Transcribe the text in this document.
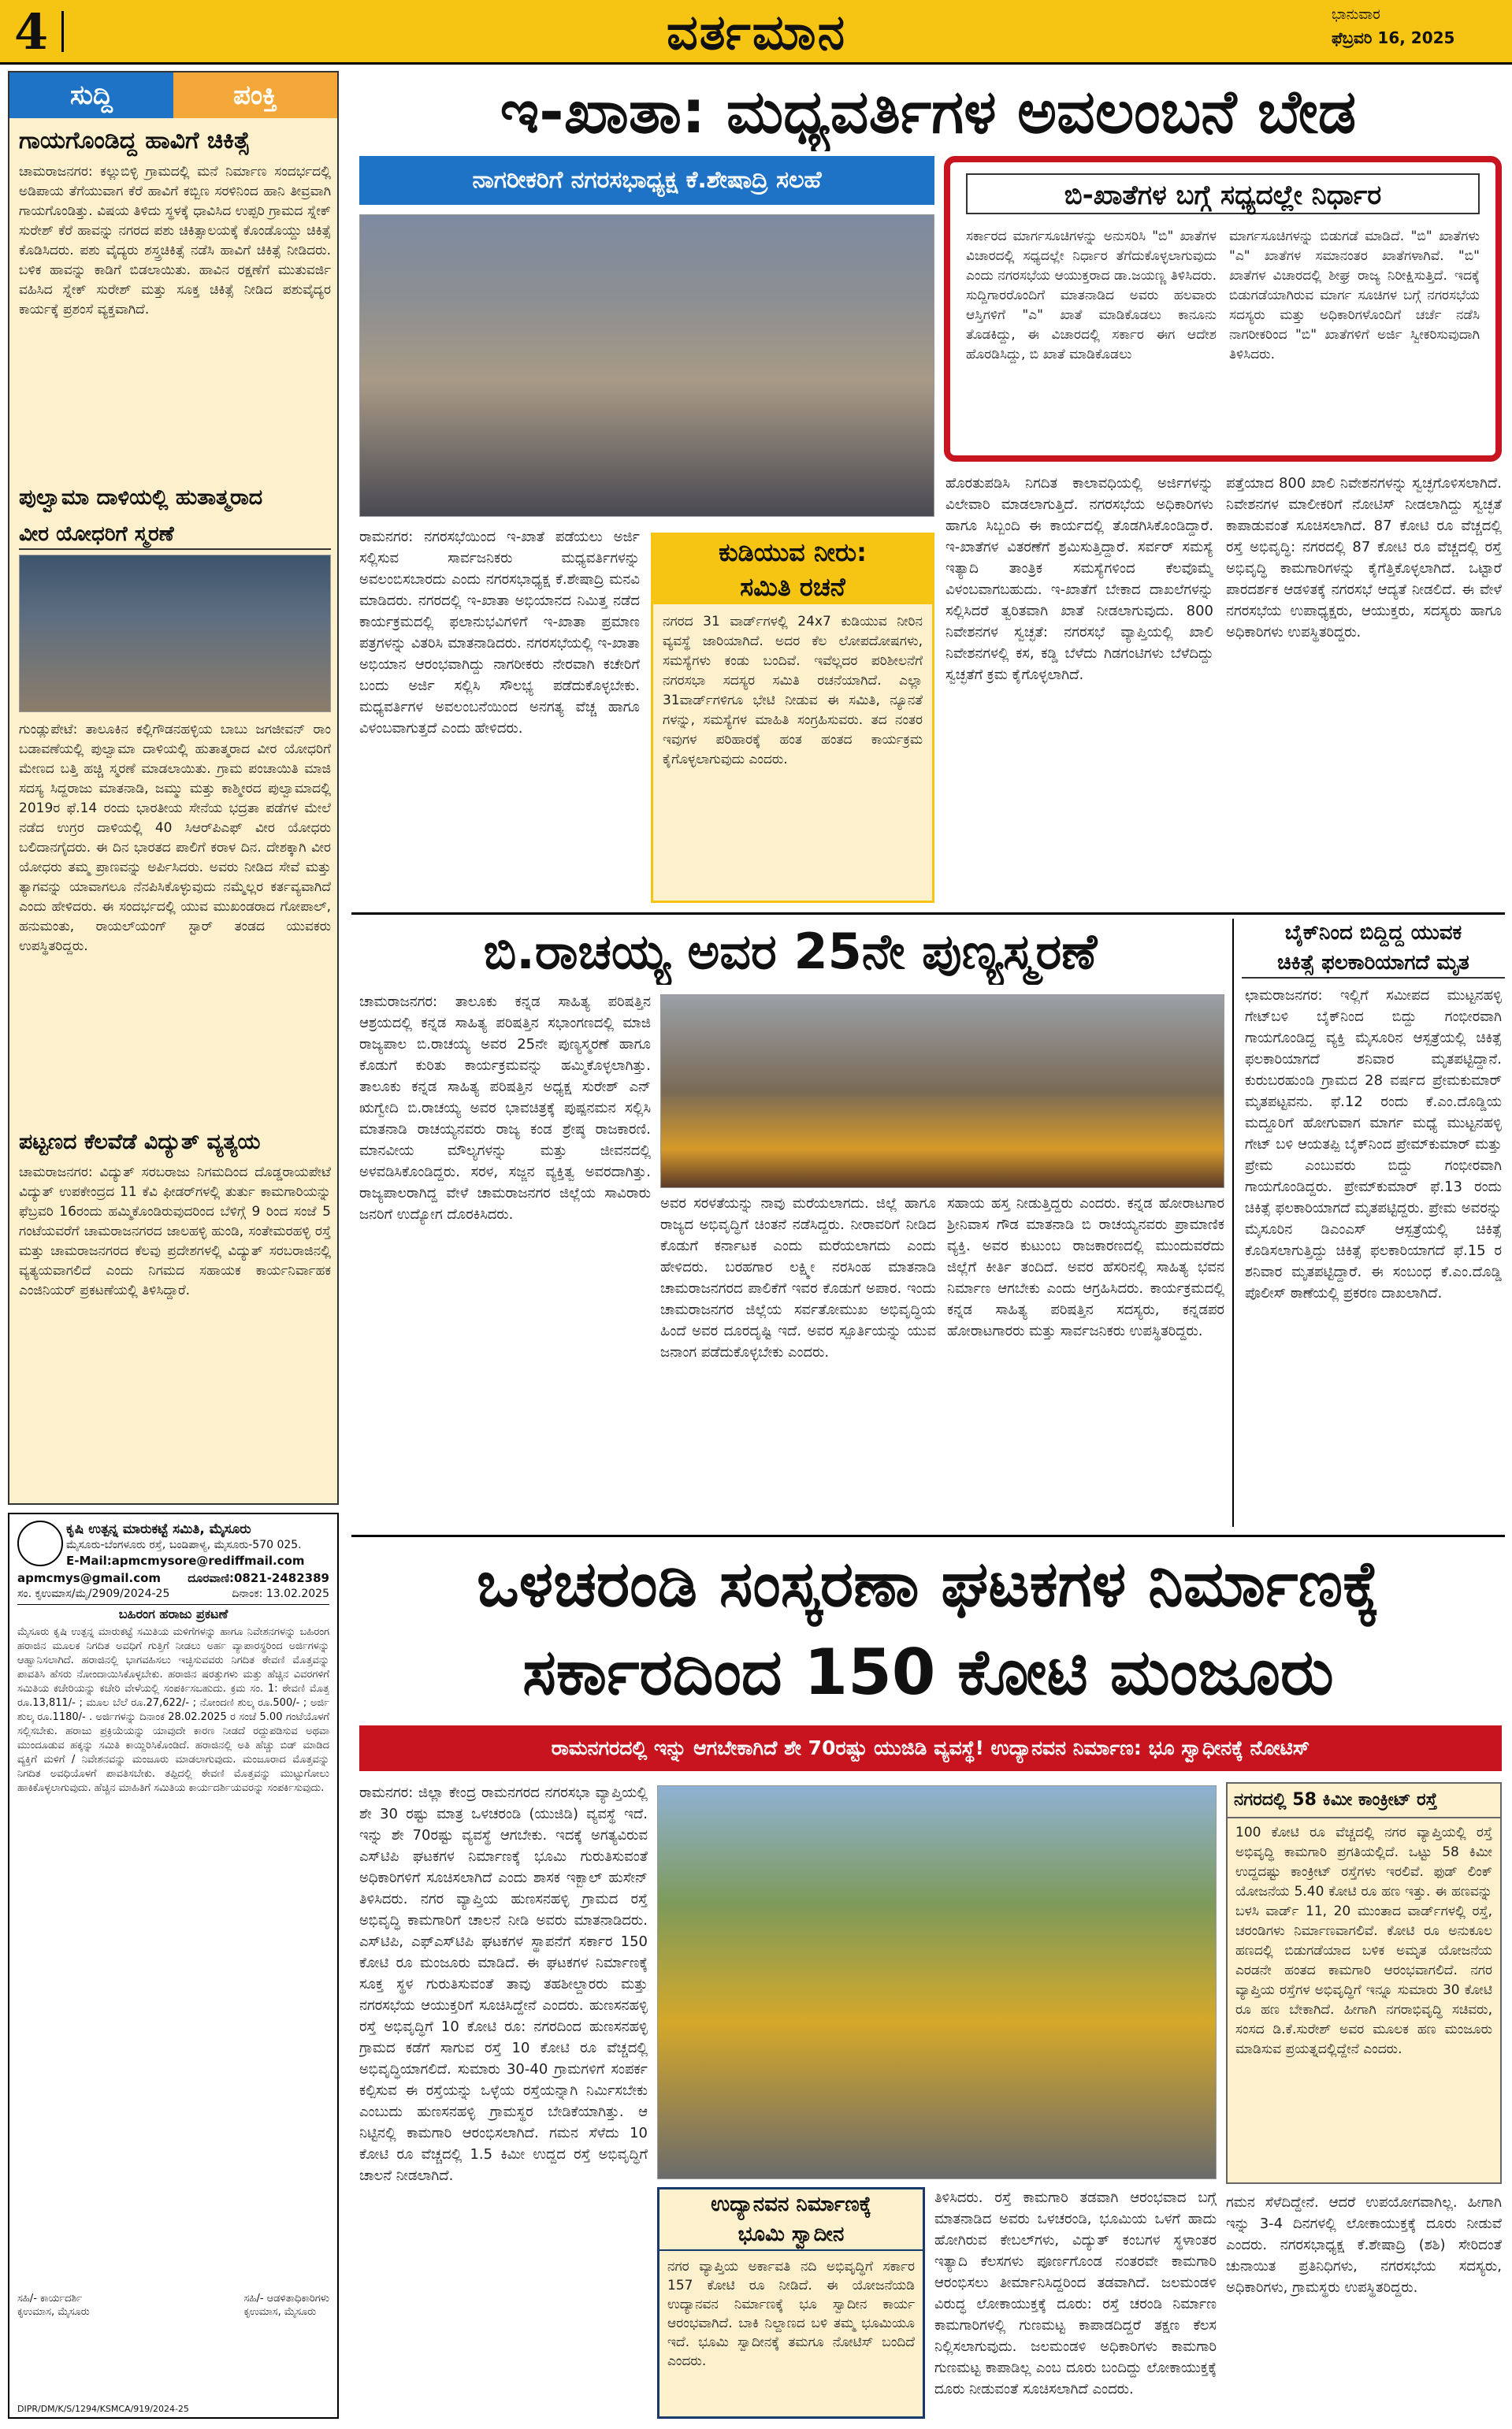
4	ವರ್ತಮಾನ	ಭಾನುವಾರ
ಫೆಬ್ರವರಿ 16, 2025
ಸುದ್ದಿ	ಪಂಕ್ತಿ
ಗಾಯಗೊಂಡಿದ್ದ ಹಾವಿಗೆ ಚಿಕಿತ್ಸೆ

ಚಾಮರಾಜನಗರ: ಕಲ್ಲುಬಿಳ್ಳಿ ಗ್ರಾಮದಲ್ಲಿ ಮನೆ ನಿರ್ಮಾಣ ಸಂದರ್ಭದಲ್ಲಿ ಅಡಿಪಾಯ ತೆಗೆಯುವಾಗ ಕೆರೆ ಹಾವಿಗೆ ಕಬ್ಬಿಣ ಸರಳಿನಿಂದ ಹಾನಿ ತೀವ್ರವಾಗಿ ಗಾಯಗೊಂಡಿತ್ತು. ವಿಷಯ ತಿಳಿದು ಸ್ಥಳಕ್ಕೆ ಧಾವಿಸಿದ ಉಪ್ಪರಿ ಗ್ರಾಮದ ಸ್ನೇಕ್ ಸುರೇಶ್ ಕೆರೆ ಹಾವನ್ನು ನಗರದ ಪಶು ಚಿಕಿತ್ಸಾಲಯಕ್ಕೆ ಕೊಂಡೊಯ್ದು ಚಿಕಿತ್ಸೆ ಕೊಡಿಸಿದರು. ಪಶು ವೈದ್ಯರು ಶಸ್ತ್ರಚಿಕಿತ್ಸೆ ನಡೆಸಿ ಹಾವಿಗೆ ಚಿಕಿತ್ಸೆ ನೀಡಿದರು. ಬಳಿಕ ಹಾವನ್ನು ಕಾಡಿಗೆ ಬಿಡಲಾಯಿತು. ಹಾವಿನ ರಕ್ಷಣೆಗೆ ಮುತುವರ್ಜಿ ವಹಿಸಿದ ಸ್ನೇಕ್ ಸುರೇಶ್ ಮತ್ತು ಸೂಕ್ತ ಚಿಕಿತ್ಸೆ ನೀಡಿದ ಪಶುವೈದ್ಯರ ಕಾರ್ಯಕ್ಕೆ ಪ್ರಶಂಸೆ ವ್ಯಕ್ತವಾಗಿದೆ.

ಪುಲ್ವಾಮಾ ದಾಳಿಯಲ್ಲಿ ಹುತಾತ್ಮರಾದ
ವೀರ ಯೋಧರಿಗೆ ಸ್ಮರಣೆ

ಗುಂಡ್ಲುಪೇಟೆ: ತಾಲೂಕಿನ ಕಲ್ಲಿಗೌಡನಹಳ್ಳಿಯ ಬಾಬು ಜಗಜೀವನ್ ರಾಂ ಬಡಾವಣೆಯಲ್ಲಿ ಪುಲ್ವಾಮಾ ದಾಳಿಯಲ್ಲಿ ಹುತಾತ್ಮರಾದ ವೀರ ಯೋಧರಿಗೆ ಮೇಣದ ಬತ್ತಿ ಹಚ್ಚಿ ಸ್ಮರಣೆ ಮಾಡಲಾಯಿತು. ಗ್ರಾಮ ಪಂಚಾಯಿತಿ ಮಾಜಿ ಸದಸ್ಯ ಸಿದ್ದರಾಜು ಮಾತನಾಡಿ, ಜಮ್ಮು ಮತ್ತು ಕಾಶ್ಮೀರದ ಪುಲ್ವಾಮಾದಲ್ಲಿ 2019ರ ಫೆ.14 ರಂದು ಭಾರತೀಯ ಸೇನೆಯ ಭದ್ರತಾ ಪಡೆಗಳ ಮೇಲೆ ನಡೆದ ಉಗ್ರರ ದಾಳಿಯಲ್ಲಿ 40 ಸಿಆರ್‌ಪಿಎಫ್ ವೀರ ಯೋಧರು ಬಲಿದಾನಗೈದರು. ಈ ದಿನ ಭಾರತದ ಪಾಲಿಗೆ ಕರಾಳ ದಿನ. ದೇಶಕ್ಕಾಗಿ ವೀರ ಯೋಧರು ತಮ್ಮ ಪ್ರಾಣವನ್ನು ಅರ್ಪಿಸಿದರು. ಅವರು ನೀಡಿದ ಸೇವೆ ಮತ್ತು ತ್ಯಾಗವನ್ನು ಯಾವಾಗಲೂ ನೆನಪಿಸಿಕೊಳ್ಳುವುದು ನಮ್ಮೆಲ್ಲರ ಕರ್ತವ್ಯವಾಗಿದೆ ಎಂದು ಹೇಳಿದರು. ಈ ಸಂದರ್ಭದಲ್ಲಿ ಯುವ ಮುಖಂಡರಾದ ಗೋಪಾಲ್, ಹನುಮಂತು, ರಾಯಲ್‌ಯಂಗ್ ಸ್ಟಾರ್ ತಂಡದ ಯುವಕರು ಉಪಸ್ಥಿತರಿದ್ದರು.

ಪಟ್ಟಣದ ಕೆಲವೆಡೆ ವಿದ್ಯುತ್ ವ್ಯತ್ಯಯ

ಚಾಮರಾಜನಗರ: ವಿದ್ಯುತ್ ಸರಬರಾಜು ನಿಗಮದಿಂದ ದೊಡ್ಡರಾಯಪೇಟೆ ವಿದ್ಯುತ್ ಉಪಕೇಂದ್ರದ 11 ಕೆವಿ ಫೀಡರ್‌ಗಳಲ್ಲಿ ತುರ್ತು ಕಾಮಗಾರಿಯನ್ನು ಫೆಬ್ರವರಿ 16ರಂದು ಹಮ್ಮಿಕೊಂಡಿರುವುದರಿಂದ ಬೆಳಿಗ್ಗೆ 9 ರಿಂದ ಸಂಜೆ 5 ಗಂಟೆಯವರೆಗೆ ಚಾಮರಾಜನಗರದ ಜಾಲಹಳ್ಳಿ ಹುಂಡಿ, ಸಂತೇಮರಹಳ್ಳಿ ರಸ್ತೆ ಮತ್ತು ಚಾಮರಾಜನಗರದ ಕೆಲವು ಪ್ರದೇಶಗಳಲ್ಲಿ ವಿದ್ಯುತ್ ಸರಬರಾಜಿನಲ್ಲಿ ವ್ಯತ್ಯಯವಾಗಲಿದೆ ಎಂದು ನಿಗಮದ ಸಹಾಯಕ ಕಾರ್ಯನಿರ್ವಾಹಕ ಎಂಜಿನಿಯರ್ ಪ್ರಕಟಣೆಯಲ್ಲಿ ತಿಳಿಸಿದ್ದಾರೆ.

ಕೃಷಿ ಉತ್ಪನ್ನ ಮಾರುಕಟ್ಟೆ ಸಮಿತಿ, ಮೈಸೂರು
ಮೈಸೂರು-ಬೆಂಗಳೂರು ರಸ್ತೆ, ಬಂಡಿಪಾಳ್ಯ, ಮೈಸೂರು-570 025.
E-Mail:apmcmysore@rediffmail.com
apmcmys@gmail.com ದೂರವಾಣಿ:0821-2482389
ಸಂ. ಕೃಉಮಾಸ/ಮೈ/2909/2024-25	ದಿನಾಂಕ: 13.02.2025
ಬಹಿರಂಗ ಹರಾಜು ಪ್ರಕಟಣೆ

ಮೈಸೂರು ಕೃಷಿ ಉತ್ಪನ್ನ ಮಾರುಕಟ್ಟೆ ಸಮಿತಿಯ ಮಳಿಗೆಗಳನ್ನು ಹಾಗೂ ನಿವೇಶನಗಳನ್ನು ಬಹಿರಂಗ ಹರಾಜಿನ ಮೂಲಕ ನಿಗದಿತ ಅವಧಿಗೆ ಗುತ್ತಿಗೆ ನೀಡಲು ಅರ್ಹ ವ್ಯಾಪಾರಸ್ಥರಿಂದ ಅರ್ಜಿಗಳನ್ನು ಆಹ್ವಾನಿಸಲಾಗಿದೆ. ಹರಾಜಿನಲ್ಲಿ ಭಾಗವಹಿಸಲು ಇಚ್ಛಿಸುವವರು ನಿಗದಿತ ಠೇವಣಿ ಮೊತ್ತವನ್ನು ಪಾವತಿಸಿ ಹೆಸರು ನೋಂದಾಯಿಸಿಕೊಳ್ಳಬೇಕು. ಹರಾಜಿನ ಷರತ್ತುಗಳು ಮತ್ತು ಹೆಚ್ಚಿನ ವಿವರಗಳಿಗೆ ಸಮಿತಿಯ ಕಚೇರಿಯನ್ನು ಕಚೇರಿ ವೇಳೆಯಲ್ಲಿ ಸಂಪರ್ಕಿಸಬಹುದು. ಕ್ರಮ ಸಂ. 1: ಠೇವಣಿ ಮೊತ್ತ ರೂ.13,811/- ; ಮೂಲ ಬೆಲೆ ರೂ.27,622/- ; ನೋಂದಣಿ ಶುಲ್ಕ ರೂ.500/- ; ಅರ್ಜಿ ಶುಲ್ಕ ರೂ.1180/- . ಅರ್ಜಿಗಳನ್ನು ದಿನಾಂಕ 28.02.2025 ರ ಸಂಜೆ 5.00 ಗಂಟೆಯೊಳಗೆ ಸಲ್ಲಿಸಬೇಕು. ಹರಾಜು ಪ್ರಕ್ರಿಯೆಯನ್ನು ಯಾವುದೇ ಕಾರಣ ನೀಡದೆ ರದ್ದುಪಡಿಸುವ ಅಥವಾ ಮುಂದೂಡುವ ಹಕ್ಕನ್ನು ಸಮಿತಿ ಕಾಯ್ದಿರಿಸಿಕೊಂಡಿದೆ. ಹರಾಜಿನಲ್ಲಿ ಅತಿ ಹೆಚ್ಚು ಬಿಡ್ ಮಾಡಿದ ವ್ಯಕ್ತಿಗೆ ಮಳಿಗೆ / ನಿವೇಶನವನ್ನು ಮಂಜೂರು ಮಾಡಲಾಗುವುದು. ಮಂಜೂರಾದ ಮೊತ್ತವನ್ನು ನಿಗದಿತ ಅವಧಿಯೊಳಗೆ ಪಾವತಿಸಬೇಕು. ತಪ್ಪಿದಲ್ಲಿ ಠೇವಣಿ ಮೊತ್ತವನ್ನು ಮುಟ್ಟುಗೋಲು ಹಾಕಿಕೊಳ್ಳಲಾಗುವುದು. ಹೆಚ್ಚಿನ ಮಾಹಿತಿಗೆ ಸಮಿತಿಯ ಕಾರ್ಯದರ್ಶಿಯವರನ್ನು ಸಂಪರ್ಕಿಸುವುದು.

ಸಹಿ/- ಕಾರ್ಯದರ್ಶಿ
ಕೃಉಮಾಸ, ಮೈಸೂರು
ಸಹಿ/- ಆಡಳಿತಾಧಿಕಾರಿಗಳು
ಕೃಉಮಾಸ, ಮೈಸೂರು
DIPR/DM/K/S/1294/KSMCA/919/2024-25
ಇ-ಖಾತಾ: ಮಧ್ಯವರ್ತಿಗಳ ಅವಲಂಬನೆ ಬೇಡ
ನಾಗರೀಕರಿಗೆ ನಗರಸಭಾಧ್ಯಕ್ಷ ಕೆ.ಶೇಷಾದ್ರಿ ಸಲಹೆ	ಬಿ-ಖಾತೆಗಳ ಬಗ್ಗೆ ಸಧ್ಯದಲ್ಲೇ ನಿರ್ಧಾರ

ಸರ್ಕಾರದ ಮಾರ್ಗಸೂಚಿಗಳನ್ನು ಅನುಸರಿಸಿ "ಬಿ" ಖಾತೆಗಳ ವಿಚಾರದಲ್ಲಿ ಸಧ್ಯದಲ್ಲೇ ನಿರ್ಧಾರ ತೆಗೆದುಕೊಳ್ಳಲಾಗುವುದು ಎಂದು ನಗರಸಭೆಯ ಆಯುಕ್ತರಾದ ಡಾ.ಜಯಣ್ಣ ತಿಳಿಸಿದರು. ಸುದ್ದಿಗಾರರೊಂದಿಗೆ ಮಾತನಾಡಿದ ಅವರು ಹಲವಾರು ಆಸ್ತಿಗಳಿಗೆ "ಎ" ಖಾತೆ ಮಾಡಿಕೊಡಲು ಕಾನೂನು ತೊಡಕಿದ್ದು, ಈ ವಿಚಾರದಲ್ಲಿ ಸರ್ಕಾರ ಈಗ ಆದೇಶ ಹೊರಡಿಸಿದ್ದು, ಬಿ ಖಾತೆ ಮಾಡಿಕೊಡಲು

ಮಾರ್ಗಸೂಚಿಗಳನ್ನು ಬಿಡುಗಡೆ ಮಾಡಿದೆ. "ಬಿ" ಖಾತೆಗಳು "ಎ" ಖಾತೆಗಳ ಸಮಾನಂತರ ಖಾತೆಗಳಾಗಿವೆ. "ಬಿ" ಖಾತೆಗಳ ವಿಚಾರದಲ್ಲಿ ಶೀಘ್ರ ರಾಜ್ಯ ನಿರೀಕ್ಷಿಸುತ್ತಿದೆ. ಇದಕ್ಕೆ ಬಿಡುಗಡೆಯಾಗಿರುವ ಮಾರ್ಗ ಸೂಚಿಗಳ ಬಗ್ಗೆ ನಗರಸಭೆಯ ಸದಸ್ಯರು ಮತ್ತು ಅಧಿಕಾರಿಗಳೊಂದಿಗೆ ಚರ್ಚೆ ನಡೆಸಿ ನಾಗರೀಕರಿಂದ "ಬಿ" ಖಾತೆಗಳಿಗೆ ಅರ್ಜಿ ಸ್ವೀಕರಿಸುವುದಾಗಿ ತಿಳಿಸಿದರು.

ರಾಮನಗರ: ನಗರಸಭೆಯಿಂದ ಇ-ಖಾತೆ ಪಡೆಯಲು ಅರ್ಜಿ ಸಲ್ಲಿಸುವ ಸಾರ್ವಜನಿಕರು ಮಧ್ಯವರ್ತಿಗಳನ್ನು ಅವಲಂಬಿಸಬಾರದು ಎಂದು ನಗರಸಭಾಧ್ಯಕ್ಷ ಕೆ.ಶೇಷಾದ್ರಿ ಮನವಿ ಮಾಡಿದರು. ನಗರದಲ್ಲಿ ಇ-ಖಾತಾ ಅಭಿಯಾನದ ನಿಮಿತ್ತ ನಡೆದ ಕಾರ್ಯಕ್ರಮದಲ್ಲಿ ಫಲಾನುಭವಿಗಳಿಗೆ ಇ-ಖಾತಾ ಪ್ರಮಾಣ ಪತ್ರಗಳನ್ನು ವಿತರಿಸಿ ಮಾತನಾಡಿದರು. ನಗರಸಭೆಯಲ್ಲಿ ಇ-ಖಾತಾ ಅಭಿಯಾನ ಆರಂಭವಾಗಿದ್ದು ನಾಗರೀಕರು ನೇರವಾಗಿ ಕಚೇರಿಗೆ ಬಂದು ಅರ್ಜಿ ಸಲ್ಲಿಸಿ ಸೌಲಭ್ಯ ಪಡೆದುಕೊಳ್ಳಬೇಕು. ಮಧ್ಯವರ್ತಿಗಳ ಅವಲಂಬನೆಯಿಂದ ಅನಗತ್ಯ ವೆಚ್ಚ ಹಾಗೂ ವಿಳಂಬವಾಗುತ್ತದೆ ಎಂದು ಹೇಳಿದರು.

ಕುಡಿಯುವ ನೀರು:
ಸಮಿತಿ ರಚನೆ

ನಗರದ 31 ವಾರ್ಡ್‌ಗಳಲ್ಲಿ 24x7 ಕುಡಿಯುವ ನೀರಿನ ವ್ಯವಸ್ಥೆ ಜಾರಿಯಾಗಿದೆ. ಅದರ ಕೆಲ ಲೋಪದೋಷಗಳು, ಸಮಸ್ಯೆಗಳು ಕಂಡು ಬಂದಿವೆ. ಇವೆಲ್ಲದರ ಪರಿಶೀಲನೆಗೆ ನಗರಸಭಾ ಸದಸ್ಯರ ಸಮಿತಿ ರಚನೆಯಾಗಿದೆ. ಎಲ್ಲಾ 31ವಾರ್ಡ್‌ಗಳಿಗೂ ಭೇಟಿ ನೀಡುವ ಈ ಸಮಿತಿ, ನ್ಯೂನತೆ ಗಳನ್ನು, ಸಮಸ್ಯೆಗಳ ಮಾಹಿತಿ ಸಂಗ್ರಹಿಸುವರು. ತದ ನಂತರ ಇವುಗಳ ಪರಿಹಾರಕ್ಕೆ ಹಂತ ಹಂತದ ಕಾರ್ಯಕ್ರಮ ಕೈಗೊಳ್ಳಲಾಗುವುದು ಎಂದರು.

ಹೊರತುಪಡಿಸಿ ನಿಗದಿತ ಕಾಲಾವಧಿಯಲ್ಲಿ ಅರ್ಜಿಗಳನ್ನು ವಿಲೇವಾರಿ ಮಾಡಲಾಗುತ್ತಿದೆ. ನಗರಸಭೆಯ ಅಧಿಕಾರಿಗಳು ಹಾಗೂ ಸಿಬ್ಬಂದಿ ಈ ಕಾರ್ಯದಲ್ಲಿ ತೊಡಗಿಸಿಕೊಂಡಿದ್ದಾರೆ. ಇ-ಖಾತೆಗಳ ವಿತರಣೆಗೆ ಶ್ರಮಿಸುತ್ತಿದ್ದಾರೆ. ಸರ್ವರ್ ಸಮಸ್ಯೆ ಇತ್ಯಾದಿ ತಾಂತ್ರಿಕ ಸಮಸ್ಯೆಗಳಿಂದ ಕೆಲವೊಮ್ಮೆ ವಿಳಂಬವಾಗಬಹುದು. ಇ-ಖಾತೆಗೆ ಬೇಕಾದ ದಾಖಲೆಗಳನ್ನು ಸಲ್ಲಿಸಿದರೆ ತ್ವರಿತವಾಗಿ ಖಾತೆ ನೀಡಲಾಗುವುದು. 800 ನಿವೇಶನಗಳ ಸ್ವಚ್ಛತೆ: ನಗರಸಭೆ ವ್ಯಾಪ್ತಿಯಲ್ಲಿ ಖಾಲಿ ನಿವೇಶನಗಳಲ್ಲಿ ಕಸ, ಕಡ್ಡಿ ಬೆಳೆದು ಗಿಡಗಂಟಿಗಳು ಬೆಳೆದಿದ್ದು ಸ್ವಚ್ಛತೆಗೆ ಕ್ರಮ ಕೈಗೊಳ್ಳಲಾಗಿದೆ.

ಪತ್ತೆಯಾದ 800 ಖಾಲಿ ನಿವೇಶನಗಳನ್ನು ಸ್ವಚ್ಛಗೊಳಿಸಲಾಗಿದೆ. ನಿವೇಶನಗಳ ಮಾಲೀಕರಿಗೆ ನೋಟಿಸ್ ನೀಡಲಾಗಿದ್ದು ಸ್ವಚ್ಛತೆ ಕಾಪಾಡುವಂತೆ ಸೂಚಿಸಲಾಗಿದೆ. 87 ಕೋಟಿ ರೂ ವೆಚ್ಚದಲ್ಲಿ ರಸ್ತೆ ಅಭಿವೃದ್ಧಿ: ನಗರದಲ್ಲಿ 87 ಕೋಟಿ ರೂ ವೆಚ್ಚದಲ್ಲಿ ರಸ್ತೆ ಅಭಿವೃದ್ಧಿ ಕಾಮಗಾರಿಗಳನ್ನು ಕೈಗೆತ್ತಿಕೊಳ್ಳಲಾಗಿದೆ. ಒಟ್ಟಾರೆ ಪಾರದರ್ಶಕ ಆಡಳಿತಕ್ಕೆ ನಗರಸಭೆ ಆದ್ಯತೆ ನೀಡಲಿದೆ. ಈ ವೇಳೆ ನಗರಸಭೆಯ ಉಪಾಧ್ಯಕ್ಷರು, ಆಯುಕ್ತರು, ಸದಸ್ಯರು ಹಾಗೂ ಅಧಿಕಾರಿಗಳು ಉಪಸ್ಥಿತರಿದ್ದರು.

ಬಿ.ರಾಚಯ್ಯ ಅವರ 25ನೇ ಪುಣ್ಯಸ್ಮರಣೆ

ಚಾಮರಾಜನಗರ: ತಾಲೂಕು ಕನ್ನಡ ಸಾಹಿತ್ಯ ಪರಿಷತ್ತಿನ ಆಶ್ರಯದಲ್ಲಿ ಕನ್ನಡ ಸಾಹಿತ್ಯ ಪರಿಷತ್ತಿನ ಸಭಾಂಗಣದಲ್ಲಿ ಮಾಜಿ ರಾಜ್ಯಪಾಲ ಬಿ.ರಾಚಯ್ಯ ಅವರ 25ನೇ ಪುಣ್ಯಸ್ಮರಣೆ ಹಾಗೂ ಕೊಡುಗೆ ಕುರಿತು ಕಾರ್ಯಕ್ರಮವನ್ನು ಹಮ್ಮಿಕೊಳ್ಳಲಾಗಿತ್ತು. ತಾಲೂಕು ಕನ್ನಡ ಸಾಹಿತ್ಯ ಪರಿಷತ್ತಿನ ಅಧ್ಯಕ್ಷ ಸುರೇಶ್ ಎನ್ ಋಗ್ವೇದಿ ಬಿ.ರಾಚಯ್ಯ ಅವರ ಭಾವಚಿತ್ರಕ್ಕೆ ಪುಷ್ಪನಮನ ಸಲ್ಲಿಸಿ ಮಾತನಾಡಿ ರಾಚಯ್ಯನವರು ರಾಜ್ಯ ಕಂಡ ಶ್ರೇಷ್ಠ ರಾಜಕಾರಣಿ. ಮಾನವೀಯ ಮೌಲ್ಯಗಳನ್ನು ಮತ್ತು ಜೀವನದಲ್ಲಿ ಅಳವಡಿಸಿಕೊಂಡಿದ್ದರು. ಸರಳ, ಸಜ್ಜನ ವ್ಯಕ್ತಿತ್ವ ಅವರದಾಗಿತ್ತು. ರಾಜ್ಯಪಾಲರಾಗಿದ್ದ ವೇಳೆ ಚಾಮರಾಜನಗರ ಜಿಲ್ಲೆಯ ಸಾವಿರಾರು ಜನರಿಗೆ ಉದ್ಯೋಗ ದೊರಕಿಸಿದರು.

ಅವರ ಸರಳತೆಯನ್ನು ನಾವು ಮರೆಯಲಾಗದು. ಜಿಲ್ಲೆ ಹಾಗೂ ರಾಜ್ಯದ ಅಭಿವೃದ್ಧಿಗೆ ಚಿಂತನೆ ನಡೆಸಿದ್ದರು. ನೀರಾವರಿಗೆ ನೀಡಿದ ಕೊಡುಗೆ ಕರ್ನಾಟಕ ಎಂದು ಮರೆಯಲಾಗದು ಎಂದು ಹೇಳಿದರು. ಬರಹಗಾರ ಲಕ್ಷ್ಮೀ ನರಸಿಂಹ ಮಾತನಾಡಿ ಚಾಮರಾಜನಗರದ ಪಾಲಿಕೆಗೆ ಇವರ ಕೊಡುಗೆ ಅಪಾರ. ಇಂದು ಚಾಮರಾಜನಗರ ಜಿಲ್ಲೆಯ ಸರ್ವತೋಮುಖ ಅಭಿವೃದ್ಧಿಯ ಹಿಂದೆ ಅವರ ದೂರದೃಷ್ಟಿ ಇದೆ. ಅವರ ಸ್ಪೂರ್ತಿಯನ್ನು ಯುವ ಜನಾಂಗ ಪಡೆದುಕೊಳ್ಳಬೇಕು ಎಂದರು.

ಸಹಾಯ ಹಸ್ತ ನೀಡುತ್ತಿದ್ದರು ಎಂದರು. ಕನ್ನಡ ಹೋರಾಟಗಾರ ಶ್ರೀನಿವಾಸ ಗೌಡ ಮಾತನಾಡಿ ಬಿ ರಾಚಯ್ಯನವರು ಪ್ರಾಮಾಣಿಕ ವ್ಯಕ್ತಿ. ಅವರ ಕುಟುಂಬ ರಾಜಕಾರಣದಲ್ಲಿ ಮುಂದುವರೆದು ಜಿಲ್ಲೆಗೆ ಕೀರ್ತಿ ತಂದಿದೆ. ಅವರ ಹೆಸರಿನಲ್ಲಿ ಸಾಹಿತ್ಯ ಭವನ ನಿರ್ಮಾಣ ಆಗಬೇಕು ಎಂದು ಆಗ್ರಹಿಸಿದರು. ಕಾರ್ಯಕ್ರಮದಲ್ಲಿ ಕನ್ನಡ ಸಾಹಿತ್ಯ ಪರಿಷತ್ತಿನ ಸದಸ್ಯರು, ಕನ್ನಡಪರ ಹೋರಾಟಗಾರರು ಮತ್ತು ಸಾರ್ವಜನಿಕರು ಉಪಸ್ಥಿತರಿದ್ದರು.

ಬೈಕ್‌ನಿಂದ ಬಿದ್ದಿದ್ದ ಯುವಕ
ಚಿಕಿತ್ಸೆ ಫಲಕಾರಿಯಾಗದೆ ಮೃತ

ಛಾಮರಾಜನಗರ: ಇಲ್ಲಿಗೆ ಸಮೀಪದ ಮುಟ್ಟನಹಳ್ಳಿ ಗೇಟ್‌ಬಳಿ ಬೈಕ್‌ನಿಂದ ಬಿದ್ದು ಗಂಭೀರವಾಗಿ ಗಾಯಗೊಂಡಿದ್ದ ವ್ಯಕ್ತಿ ಮೈಸೂರಿನ ಆಸ್ಪತ್ರೆಯಲ್ಲಿ ಚಿಕಿತ್ಸೆ ಫಲಕಾರಿಯಾಗದೆ ಶನಿವಾರ ಮೃತಪಟ್ಟಿದ್ದಾನೆ. ಕುರುಬರಹುಂಡಿ ಗ್ರಾಮದ 28 ವರ್ಷದ ಪ್ರೇಮಕುಮಾರ್ ಮೃತಪಟ್ಟವನು. ಫೆ.12 ರಂದು ಕೆ.ಎಂ.ದೊಡ್ಡಿಯ ಮದ್ದೂರಿಗೆ ಹೋಗುವಾಗ ಮಾರ್ಗ ಮಧ್ಯೆ ಮುಟ್ಟನಹಳ್ಳಿ ಗೇಟ್ ಬಳಿ ಆಯತಪ್ಪಿ ಬೈಕ್‌ನಿಂದ ಪ್ರೇಮ್‌ಕುಮಾರ್ ಮತ್ತು ಪ್ರೇಮ ಎಂಬುವರು ಬಿದ್ದು ಗಂಭೀರವಾಗಿ ಗಾಯಗೊಂಡಿದ್ದರು. ಪ್ರೇಮ್‌ಕುಮಾರ್ ಫೆ.13 ರಂದು ಚಿಕಿತ್ಸೆ ಫಲಕಾರಿಯಾಗದೆ ಮೃತಪಟ್ಟಿದ್ದರು. ಪ್ರೇಮ ಅವರನ್ನು ಮೈಸೂರಿನ ಡಿಎಂಎಸ್ ಆಸ್ಪತ್ರೆಯಲ್ಲಿ ಚಿಕಿತ್ಸೆ ಕೊಡಿಸಲಾಗುತ್ತಿದ್ದು ಚಿಕಿತ್ಸೆ ಫಲಕಾರಿಯಾಗದೆ ಫೆ.15 ರ ಶನಿವಾರ ಮೃತಪಟ್ಟಿದ್ದಾರೆ. ಈ ಸಂಬಂಧ ಕೆ.ಎಂ.ದೊಡ್ಡಿ ಪೊಲೀಸ್ ಠಾಣೆಯಲ್ಲಿ ಪ್ರಕರಣ ದಾಖಲಾಗಿದೆ.

ಒಳಚರಂಡಿ ಸಂಸ್ಕರಣಾ ಘಟಕಗಳ ನಿರ್ಮಾಣಕ್ಕೆ
ಸರ್ಕಾರದಿಂದ 150 ಕೋಟಿ ಮಂಜೂರು
ರಾಮನಗರದಲ್ಲಿ ಇನ್ನು ಆಗಬೇಕಾಗಿದೆ ಶೇ 70ರಷ್ಟು ಯುಜಿಡಿ ವ್ಯವಸ್ಥೆ! ಉದ್ಯಾನವನ ನಿರ್ಮಾಣ: ಭೂ ಸ್ವಾಧೀನಕ್ಕೆ ನೋಟಿಸ್

ರಾಮನಗರ: ಜಿಲ್ಲಾ ಕೇಂದ್ರ ರಾಮನಗರದ ನಗರಸಭಾ ವ್ಯಾಪ್ತಿಯಲ್ಲಿ ಶೇ 30 ರಷ್ಟು ಮಾತ್ರ ಒಳಚರಂಡಿ (ಯುಜಿಡಿ) ವ್ಯವಸ್ಥೆ ಇದೆ. ಇನ್ನು ಶೇ 70ರಷ್ಟು ವ್ಯವಸ್ಥೆ ಆಗಬೇಕು. ಇದಕ್ಕೆ ಅಗತ್ಯವಿರುವ ಎಸ್‌ಟಿಪಿ ಘಟಕಗಳ ನಿರ್ಮಾಣಕ್ಕೆ ಭೂಮಿ ಗುರುತಿಸುವಂತೆ ಅಧಿಕಾರಿಗಳಿಗೆ ಸೂಚಿಸಲಾಗಿದೆ ಎಂದು ಶಾಸಕ ಇಕ್ಬಾಲ್ ಹುಸೇನ್ ತಿಳಿಸಿದರು. ನಗರ ವ್ಯಾಪ್ತಿಯ ಹುಣಸನಹಳ್ಳಿ ಗ್ರಾಮದ ರಸ್ತೆ ಅಭಿವೃದ್ಧಿ ಕಾಮಗಾರಿಗೆ ಚಾಲನೆ ನೀಡಿ ಅವರು ಮಾತನಾಡಿದರು. ಎಸ್‌ಟಿಪಿ, ಎಫ್‌ಎಸ್‌ಟಿಪಿ ಘಟಕಗಳ ಸ್ಥಾಪನೆಗೆ ಸರ್ಕಾರ 150 ಕೋಟಿ ರೂ ಮಂಜೂರು ಮಾಡಿದೆ. ಈ ಘಟಕಗಳ ನಿರ್ಮಾಣಕ್ಕೆ ಸೂಕ್ತ ಸ್ಥಳ ಗುರುತಿಸುವಂತೆ ತಾವು ತಹಶೀಲ್ದಾರರು ಮತ್ತು ನಗರಸಭೆಯ ಆಯುಕ್ತರಿಗೆ ಸೂಚಿಸಿದ್ದೇನೆ ಎಂದರು. ಹುಣಸನಹಳ್ಳಿ ರಸ್ತೆ ಅಭಿವೃದ್ಧಿಗೆ 10 ಕೋಟಿ ರೂ: ನಗರದಿಂದ ಹುಣಸನಹಳ್ಳಿ ಗ್ರಾಮದ ಕಡೆಗೆ ಸಾಗುವ ರಸ್ತೆ 10 ಕೋಟಿ ರೂ ವೆಚ್ಚದಲ್ಲಿ ಅಭಿವೃದ್ಧಿಯಾಗಲಿದೆ. ಸುಮಾರು 30-40 ಗ್ರಾಮಗಳಿಗೆ ಸಂಪರ್ಕ ಕಲ್ಪಿಸುವ ಈ ರಸ್ತೆಯನ್ನು ಒಳ್ಳೆಯ ರಸ್ತೆಯನ್ನಾಗಿ ನಿರ್ಮಿಸಬೇಕು ಎಂಬುದು ಹುಣಸನಹಳ್ಳಿ ಗ್ರಾಮಸ್ಥರ ಬೇಡಿಕೆಯಾಗಿತ್ತು. ಆ ನಿಟ್ಟಿನಲ್ಲಿ ಕಾಮಗಾರಿ ಆರಂಭಿಸಲಾಗಿದೆ. ಗಮನ ಸೆಳೆದು 10 ಕೋಟಿ ರೂ ವೆಚ್ಚದಲ್ಲಿ 1.5 ಕಿಮೀ ಉದ್ದದ ರಸ್ತೆ ಅಭಿವೃದ್ಧಿಗೆ ಚಾಲನೆ ನೀಡಲಾಗಿದೆ.

ಉದ್ಯಾನವನ ನಿರ್ಮಾಣಕ್ಕೆ
ಭೂಮಿ ಸ್ವಾದೀನ

ನಗರ ವ್ಯಾಪ್ತಿಯ ಅರ್ಕಾವತಿ ನದಿ ಅಭಿವೃದ್ಧಿಗೆ ಸರ್ಕಾರ 157 ಕೋಟಿ ರೂ ನೀಡಿದೆ. ಈ ಯೋಜನೆಯಡಿ ಉದ್ಯಾನವನ ನಿರ್ಮಾಣಕ್ಕೆ ಭೂ ಸ್ವಾದೀನ ಕಾರ್ಯ ಆರಂಭವಾಗಿದೆ. ಬಾಕಿ ನಿಲ್ದಾಣದ ಬಳಿ ತಮ್ಮ ಭೂಮಿಯೂ ಇದೆ. ಭೂಮಿ ಸ್ವಾದೀನಕ್ಕೆ ತಮಗೂ ನೋಟಿಸ್ ಬಂದಿದೆ ಎಂದರು.

ತಿಳಿಸಿದರು. ರಸ್ತೆ ಕಾಮಗಾರಿ ತಡವಾಗಿ ಆರಂಭವಾದ ಬಗ್ಗೆ ಮಾತನಾಡಿದ ಅವರು ಒಳಚರಂಡಿ, ಭೂಮಿಯ ಒಳಗೆ ಹಾದು ಹೋಗಿರುವ ಕೇಬಲ್‌ಗಳು, ವಿದ್ಯುತ್ ಕಂಬಗಳ ಸ್ಥಳಾಂತರ ಇತ್ಯಾದಿ ಕೆಲಸಗಳು ಪೂರ್ಣಗೊಂಡ ನಂತರವೇ ಕಾಮಗಾರಿ ಆರಂಭಿಸಲು ತೀರ್ಮಾನಿಸಿದ್ದರಿಂದ ತಡವಾಗಿದೆ. ಜಲಮಂಡಳಿ ವಿರುದ್ಧ ಲೋಕಾಯುಕ್ತಕ್ಕೆ ದೂರು: ರಸ್ತೆ ಚರಂಡಿ ನಿರ್ಮಾಣ ಕಾಮಗಾರಿಗಳಲ್ಲಿ ಗುಣಮಟ್ಟ ಕಾಪಾಡದಿದ್ದರೆ ತಕ್ಷಣ ಕೆಲಸ ನಿಲ್ಲಿಸಲಾಗುವುದು. ಜಲಮಂಡಳಿ ಅಧಿಕಾರಿಗಳು ಕಾಮಗಾರಿ ಗುಣಮಟ್ಟ ಕಾಪಾಡಿಲ್ಲ ಎಂಬ ದೂರು ಬಂದಿದ್ದು ಲೋಕಾಯುಕ್ತಕ್ಕೆ ದೂರು ನೀಡುವಂತೆ ಸೂಚಿಸಲಾಗಿದೆ ಎಂದರು.

ನಗರದಲ್ಲಿ 58 ಕಿಮೀ ಕಾಂಕ್ರೀಟ್ ರಸ್ತೆ

100 ಕೋಟಿ ರೂ ವೆಚ್ಚದಲ್ಲಿ ನಗರ ವ್ಯಾಪ್ತಿಯಲ್ಲಿ ರಸ್ತೆ ಅಭಿವೃದ್ಧಿ ಕಾಮಗಾರಿ ಪ್ರಗತಿಯಲ್ಲಿದೆ. ಒಟ್ಟು 58 ಕಿಮೀ ಉದ್ದದಷ್ಟು ಕಾಂಕ್ರೀಟ್ ರಸ್ತೆಗಳು ಇರಲಿವೆ. ಫುಡ್ ಲಿಂಕ್ ಯೋಜನೆಯ 5.40 ಕೋಟಿ ರೂ ಹಣ ಇತ್ತು. ಈ ಹಣವನ್ನು ಬಳಸಿ ವಾರ್ಡ್ 11, 20 ಮುಂತಾದ ವಾರ್ಡ್‌ಗಳಲ್ಲಿ ರಸ್ತೆ, ಚರಂಡಿಗಳು ನಿರ್ಮಾಣವಾಗಲಿವೆ. ಕೋಟಿ ರೂ ಅನುಕೂಲ ಹಣದಲ್ಲಿ ಬಿಡುಗಡೆಯಾದ ಬಳಿಕ ಅಮೃತ ಯೋಜನೆಯ ಎರಡನೇ ಹಂತದ ಕಾಮಗಾರಿ ಆರಂಭವಾಗಲಿದೆ. ನಗರ ವ್ಯಾಪ್ತಿಯ ರಸ್ತೆಗಳ ಅಭಿವೃದ್ಧಿಗೆ ಇನ್ನೂ ಸುಮಾರು 30 ಕೋಟಿ ರೂ ಹಣ ಬೇಕಾಗಿದೆ. ಹೀಗಾಗಿ ನಗರಾಭಿವೃದ್ಧಿ ಸಚಿವರು, ಸಂಸದ ಡಿ.ಕೆ.ಸುರೇಶ್ ಅವರ ಮೂಲಕ ಹಣ ಮಂಜೂರು ಮಾಡಿಸುವ ಪ್ರಯತ್ನದಲ್ಲಿದ್ದೇನೆ ಎಂದರು.

ಗಮನ ಸೆಳೆದಿದ್ದೇನೆ. ಆದರೆ ಉಪಯೋಗವಾಗಿಲ್ಲ. ಹೀಗಾಗಿ ಇನ್ನು 3-4 ದಿನಗಳಲ್ಲಿ ಲೋಕಾಯುಕ್ತಕ್ಕೆ ದೂರು ನೀಡುವೆ ಎಂದರು. ನಗರಸಭಾಧ್ಯಕ್ಷ ಕೆ.ಶೇಷಾದ್ರಿ (ಶಶಿ) ಸೇರಿದಂತೆ ಚುನಾಯಿತ ಪ್ರತಿನಿಧಿಗಳು, ನಗರಸಭೆಯ ಸದಸ್ಯರು, ಅಧಿಕಾರಿಗಳು, ಗ್ರಾಮಸ್ಥರು ಉಪಸ್ಥಿತರಿದ್ದರು.
